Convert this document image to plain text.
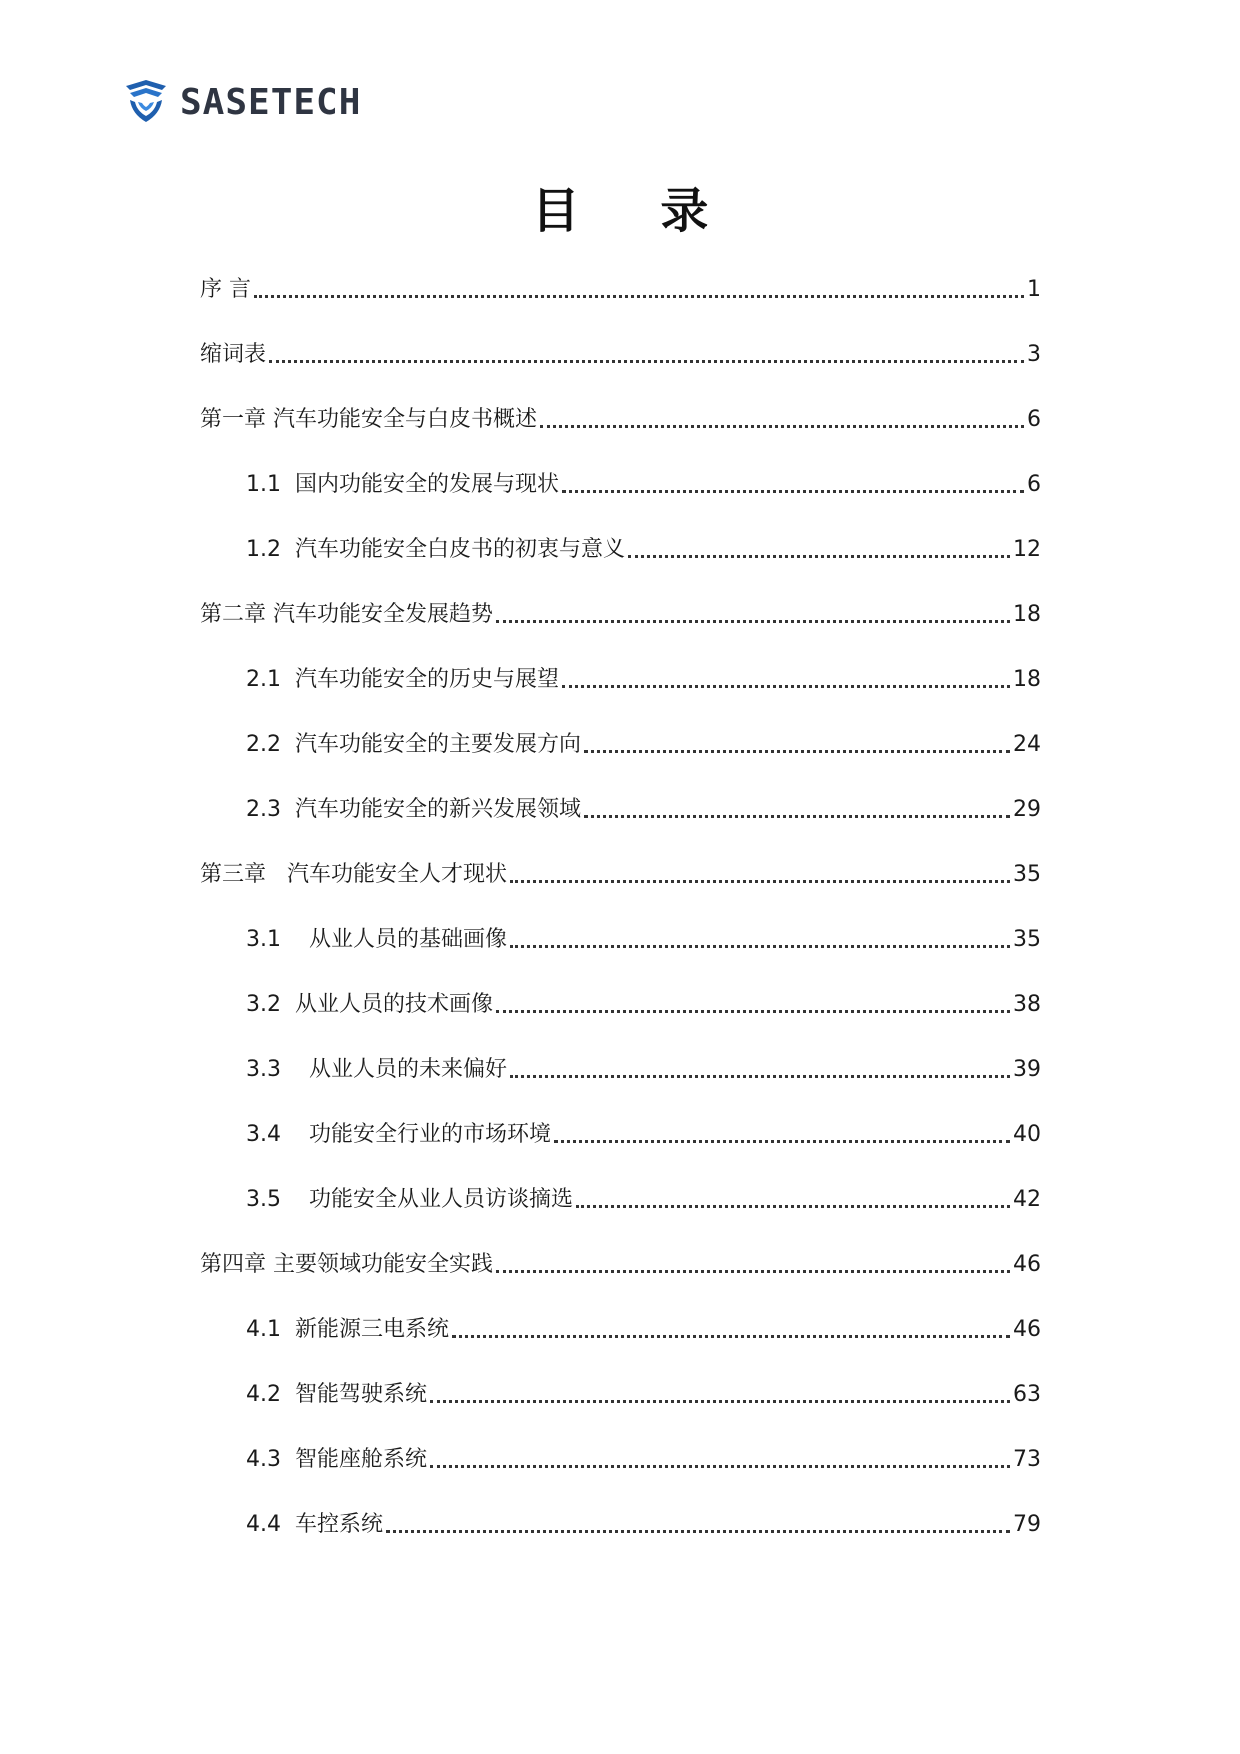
SASETECH
目 录
序 言	1
缩词表	3
第一章 汽车功能安全与白皮书概述	6
1.1  国内功能安全的发展与现状	6
1.2  汽车功能安全白皮书的初衷与意义	12
第二章 汽车功能安全发展趋势	18
2.1  汽车功能安全的历史与展望	18
2.2  汽车功能安全的主要发展方向	24
2.3  汽车功能安全的新兴发展领域	29
第三章   汽车功能安全人才现状	35
3.1    从业人员的基础画像	35
3.2  从业人员的技术画像	38
3.3    从业人员的未来偏好	39
3.4    功能安全行业的市场环境	40
3.5    功能安全从业人员访谈摘选	42
第四章 主要领域功能安全实践	46
4.1  新能源三电系统	46
4.2  智能驾驶系统	63
4.3  智能座舱系统	73
4.4  车控系统	79
